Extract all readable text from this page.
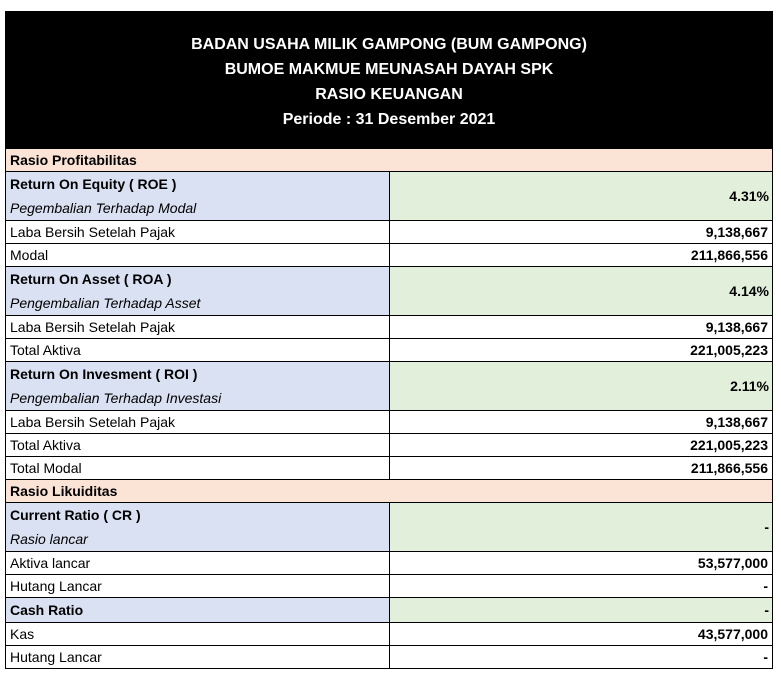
BADAN USAHA MILIK GAMPONG (BUM GAMPONG)
BUMOE MAKMUE MEUNASAH DAYAH SPK
RASIO KEUANGAN
Periode : 31 Desember 2021
Rasio Profitabilitas	

Return On Equity ( ROE )
Pegembalian Terhadap Modal	4.31%
Laba Bersih Setelah Pajak	9,138,667
Modal	211,866,556

Return On Asset ( ROA )
Pengembalian Terhadap Asset	4.14%
Laba Bersih Setelah Pajak	9,138,667
Total Aktiva	221,005,223

Return On Invesment ( ROI )
Pengembalian Terhadap Investasi	2.11%
Laba Bersih Setelah Pajak	9,138,667
Total Aktiva	221,005,223
Total Modal	211,866,556
Rasio Likuiditas	

Current Ratio ( CR )
Rasio lancar	-
Aktiva lancar	53,577,000
Hutang Lancar	-

Cash Ratio	-
Kas	43,577,000
Hutang Lancar	-
